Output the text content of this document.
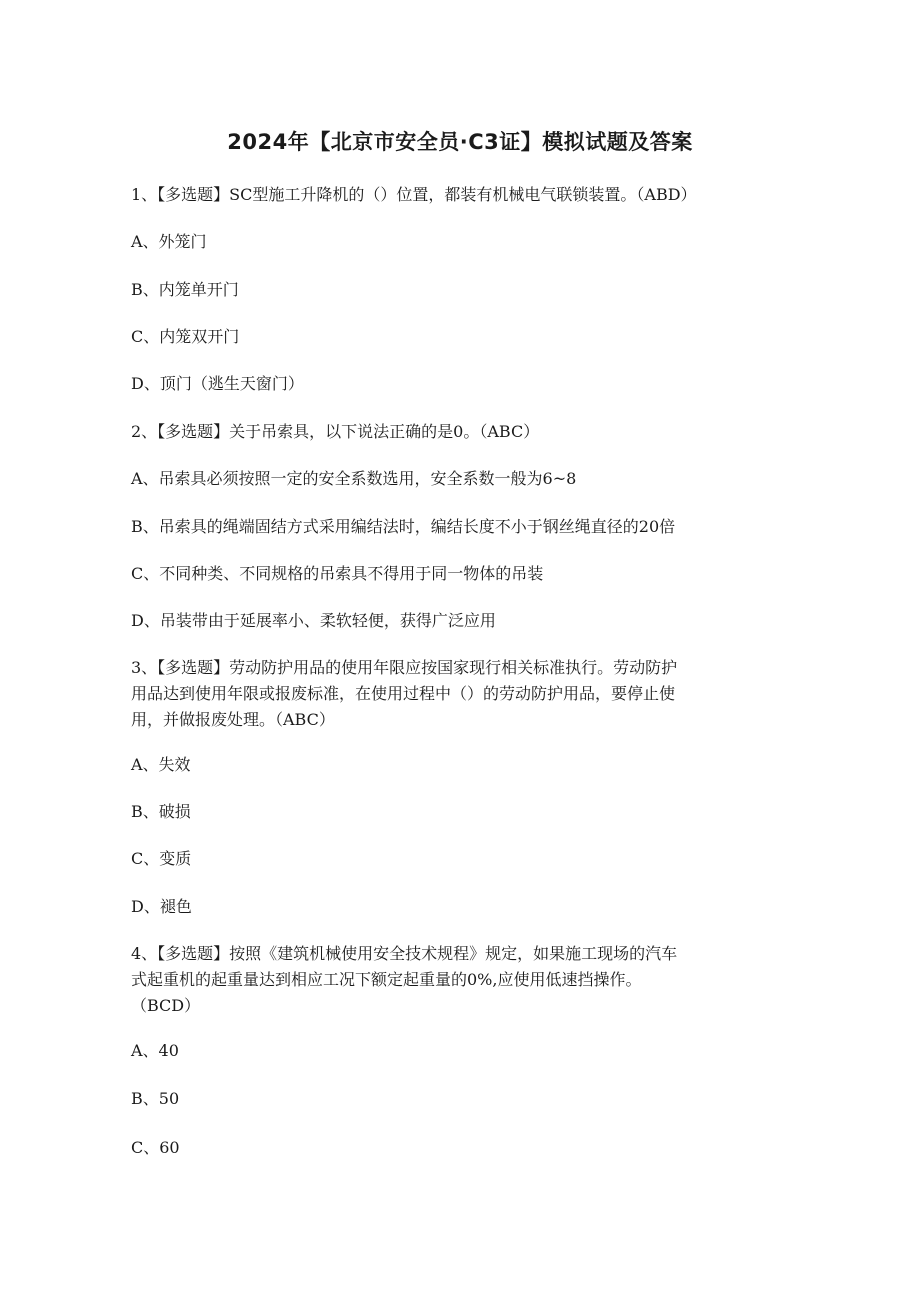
2024年【北京市安全员·C3证】模拟试题及答案

1、【多选题】SC型施工升降机的（）位置，都装有机械电气联锁装置。（ABD）

A、外笼门

B、内笼单开门

C、内笼双开门

D、顶门（逃生天窗门）

2、【多选题】关于吊索具，以下说法正确的是0。（ABC）

A、吊索具必须按照一定的安全系数选用，安全系数一般为6~8

B、吊索具的绳端固结方式采用编结法时，编结长度不小于钢丝绳直径的20倍

C、不同种类、不同规格的吊索具不得用于同一物体的吊装

D、吊装带由于延展率小、柔软轻便，获得广泛应用

3、【多选题】劳动防护用品的使用年限应按国家现行相关标准执行。劳动防护

用品达到使用年限或报废标准，在使用过程中（）的劳动防护用品，要停止使

用，并做报废处理。（ABC）

A、失效

B、破损

C、变质

D、褪色

4、【多选题】按照《建筑机械使用安全技术规程》规定，如果施工现场的汽车

式起重机的起重量达到相应工况下额定起重量的0%,应使用低速挡操作。

（BCD）

A、40

B、50

C、60
